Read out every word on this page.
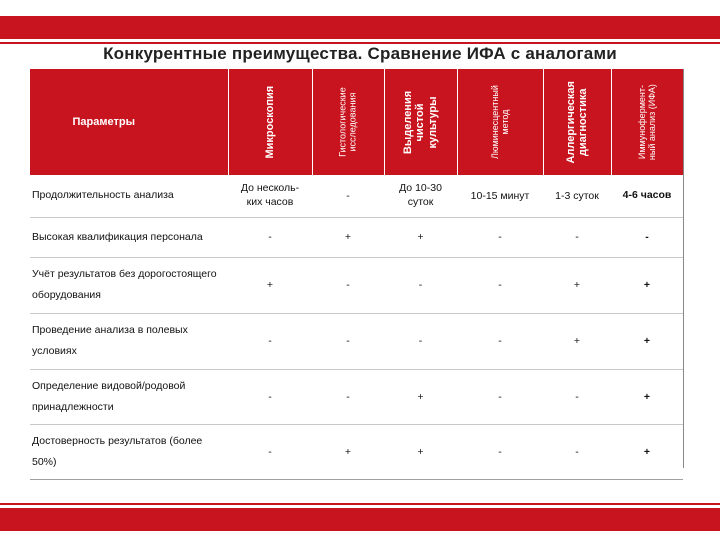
Конкурентные преимущества. Сравнение ИФА с аналогами
Параметры	Микроскопия	Гистологические исследования	Выделения чистой культуры	Люминесцентный метод	Аллергическая диагностика	Иммунофермент- ный анализ (ИФА)

Продолжительность анализа	До несколь- ких часов	-	До 10-30 суток	10-15 минут	1-3 суток	4-6 часов
Высокая квалификация персонала	-	+	+	-	-	-
Учёт результатов без дорогостоящего оборудования	+	-	-	-	+	+
Проведение анализа в полевых условиях	-	-	-	-	+	+
Определение видовой/родовой принадлежности	-	-	+	-	-	+
Достоверность результатов (более 50%)	-	+	+	-	-	+
